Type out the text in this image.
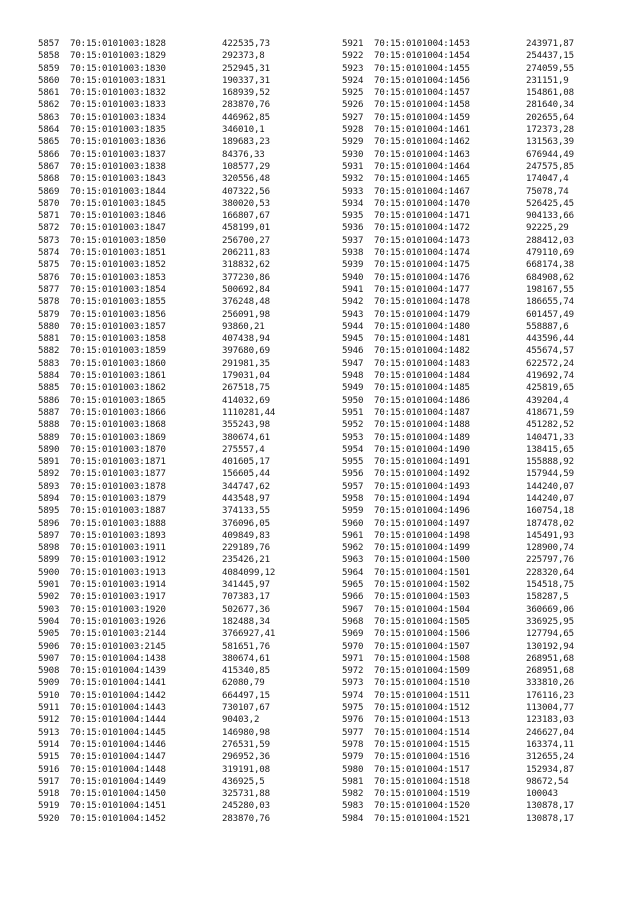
5857 70:15:0101003:1828	422535,73
5858 70:15:0101003:1829	292373,8
5859 70:15:0101003:1830	252945,31
5860 70:15:0101003:1831	190337,31
5861 70:15:0101003:1832	168939,52
5862 70:15:0101003:1833	283870,76
5863 70:15:0101003:1834	446962,85
5864 70:15:0101003:1835	346010,1
5865 70:15:0101003:1836	189683,23
5866 70:15:0101003:1837	84376,33
5867 70:15:0101003:1838	108577,29
5868 70:15:0101003:1843	320556,48
5869 70:15:0101003:1844	407322,56
5870 70:15:0101003:1845	380020,53
5871 70:15:0101003:1846	166807,67
5872 70:15:0101003:1847	458199,01
5873 70:15:0101003:1850	256700,27
5874 70:15:0101003:1851	206211,83
5875 70:15:0101003:1852	318832,62
5876 70:15:0101003:1853	377230,86
5877 70:15:0101003:1854	500692,84
5878 70:15:0101003:1855	376248,48
5879 70:15:0101003:1856	256091,98
5880 70:15:0101003:1857	93860,21
5881 70:15:0101003:1858	407438,94
5882 70:15:0101003:1859	397680,69
5883 70:15:0101003:1860	291981,35
5884 70:15:0101003:1861	179031,04
5885 70:15:0101003:1862	267518,75
5886 70:15:0101003:1865	414032,69
5887 70:15:0101003:1866	1110281,44
5888 70:15:0101003:1868	355243,98
5889 70:15:0101003:1869	380674,61
5890 70:15:0101003:1870	275557,4
5891 70:15:0101003:1871	401605,17
5892 70:15:0101003:1877	156605,44
5893 70:15:0101003:1878	344747,62
5894 70:15:0101003:1879	443548,97
5895 70:15:0101003:1887	374133,55
5896 70:15:0101003:1888	376096,05
5897 70:15:0101003:1893	409849,83
5898 70:15:0101003:1911	229189,76
5899 70:15:0101003:1912	235426,21
5900 70:15:0101003:1913	4084099,12
5901 70:15:0101003:1914	341445,97
5902 70:15:0101003:1917	707383,17
5903 70:15:0101003:1920	502677,36
5904 70:15:0101003:1926	182488,34
5905 70:15:0101003:2144	3766927,41
5906 70:15:0101003:2145	581651,76
5907 70:15:0101004:1438	380674,61
5908 70:15:0101004:1439	415340,85
5909 70:15:0101004:1441	62080,79
5910 70:15:0101004:1442	664497,15
5911 70:15:0101004:1443	730107,67
5912 70:15:0101004:1444	90403,2
5913 70:15:0101004:1445	146980,98
5914 70:15:0101004:1446	276531,59
5915 70:15:0101004:1447	296952,36
5916 70:15:0101004:1448	319191,08
5917 70:15:0101004:1449	436925,5
5918 70:15:0101004:1450	325731,88
5919 70:15:0101004:1451	245280,03
5920 70:15:0101004:1452	283870,76
5921 70:15:0101004:1453	243971,87
5922 70:15:0101004:1454	254437,15
5923 70:15:0101004:1455	274059,55
5924 70:15:0101004:1456	231151,9
5925 70:15:0101004:1457	154861,08
5926 70:15:0101004:1458	281640,34
5927 70:15:0101004:1459	202655,64
5928 70:15:0101004:1461	172373,28
5929 70:15:0101004:1462	131563,39
5930 70:15:0101004:1463	676944,49
5931 70:15:0101004:1464	247575,85
5932 70:15:0101004:1465	174047,4
5933 70:15:0101004:1467	75078,74
5934 70:15:0101004:1470	526425,45
5935 70:15:0101004:1471	904133,66
5936 70:15:0101004:1472	92225,29
5937 70:15:0101004:1473	288412,03
5938 70:15:0101004:1474	479110,69
5939 70:15:0101004:1475	668174,38
5940 70:15:0101004:1476	684908,62
5941 70:15:0101004:1477	198167,55
5942 70:15:0101004:1478	186655,74
5943 70:15:0101004:1479	601457,49
5944 70:15:0101004:1480	558887,6
5945 70:15:0101004:1481	443596,44
5946 70:15:0101004:1482	455674,57
5947 70:15:0101004:1483	622572,24
5948 70:15:0101004:1484	419692,74
5949 70:15:0101004:1485	425819,65
5950 70:15:0101004:1486	439204,4
5951 70:15:0101004:1487	418671,59
5952 70:15:0101004:1488	451282,52
5953 70:15:0101004:1489	140471,33
5954 70:15:0101004:1490	138415,65
5955 70:15:0101004:1491	155888,92
5956 70:15:0101004:1492	157944,59
5957 70:15:0101004:1493	144240,07
5958 70:15:0101004:1494	144240,07
5959 70:15:0101004:1496	160754,18
5960 70:15:0101004:1497	187478,02
5961 70:15:0101004:1498	145491,93
5962 70:15:0101004:1499	128900,74
5963 70:15:0101004:1500	225797,76
5964 70:15:0101004:1501	228320,64
5965 70:15:0101004:1502	154518,75
5966 70:15:0101004:1503	158287,5
5967 70:15:0101004:1504	360669,06
5968 70:15:0101004:1505	336925,95
5969 70:15:0101004:1506	127794,65
5970 70:15:0101004:1507	130192,94
5971 70:15:0101004:1508	268951,68
5972 70:15:0101004:1509	268951,68
5973 70:15:0101004:1510	333810,26
5974 70:15:0101004:1511	176116,23
5975 70:15:0101004:1512	113004,77
5976 70:15:0101004:1513	123183,03
5977 70:15:0101004:1514	246627,04
5978 70:15:0101004:1515	163374,11
5979 70:15:0101004:1516	312655,24
5980 70:15:0101004:1517	152934,87
5981 70:15:0101004:1518	98672,54
5982 70:15:0101004:1519	100043
5983 70:15:0101004:1520	130878,17
5984 70:15:0101004:1521	130878,17
